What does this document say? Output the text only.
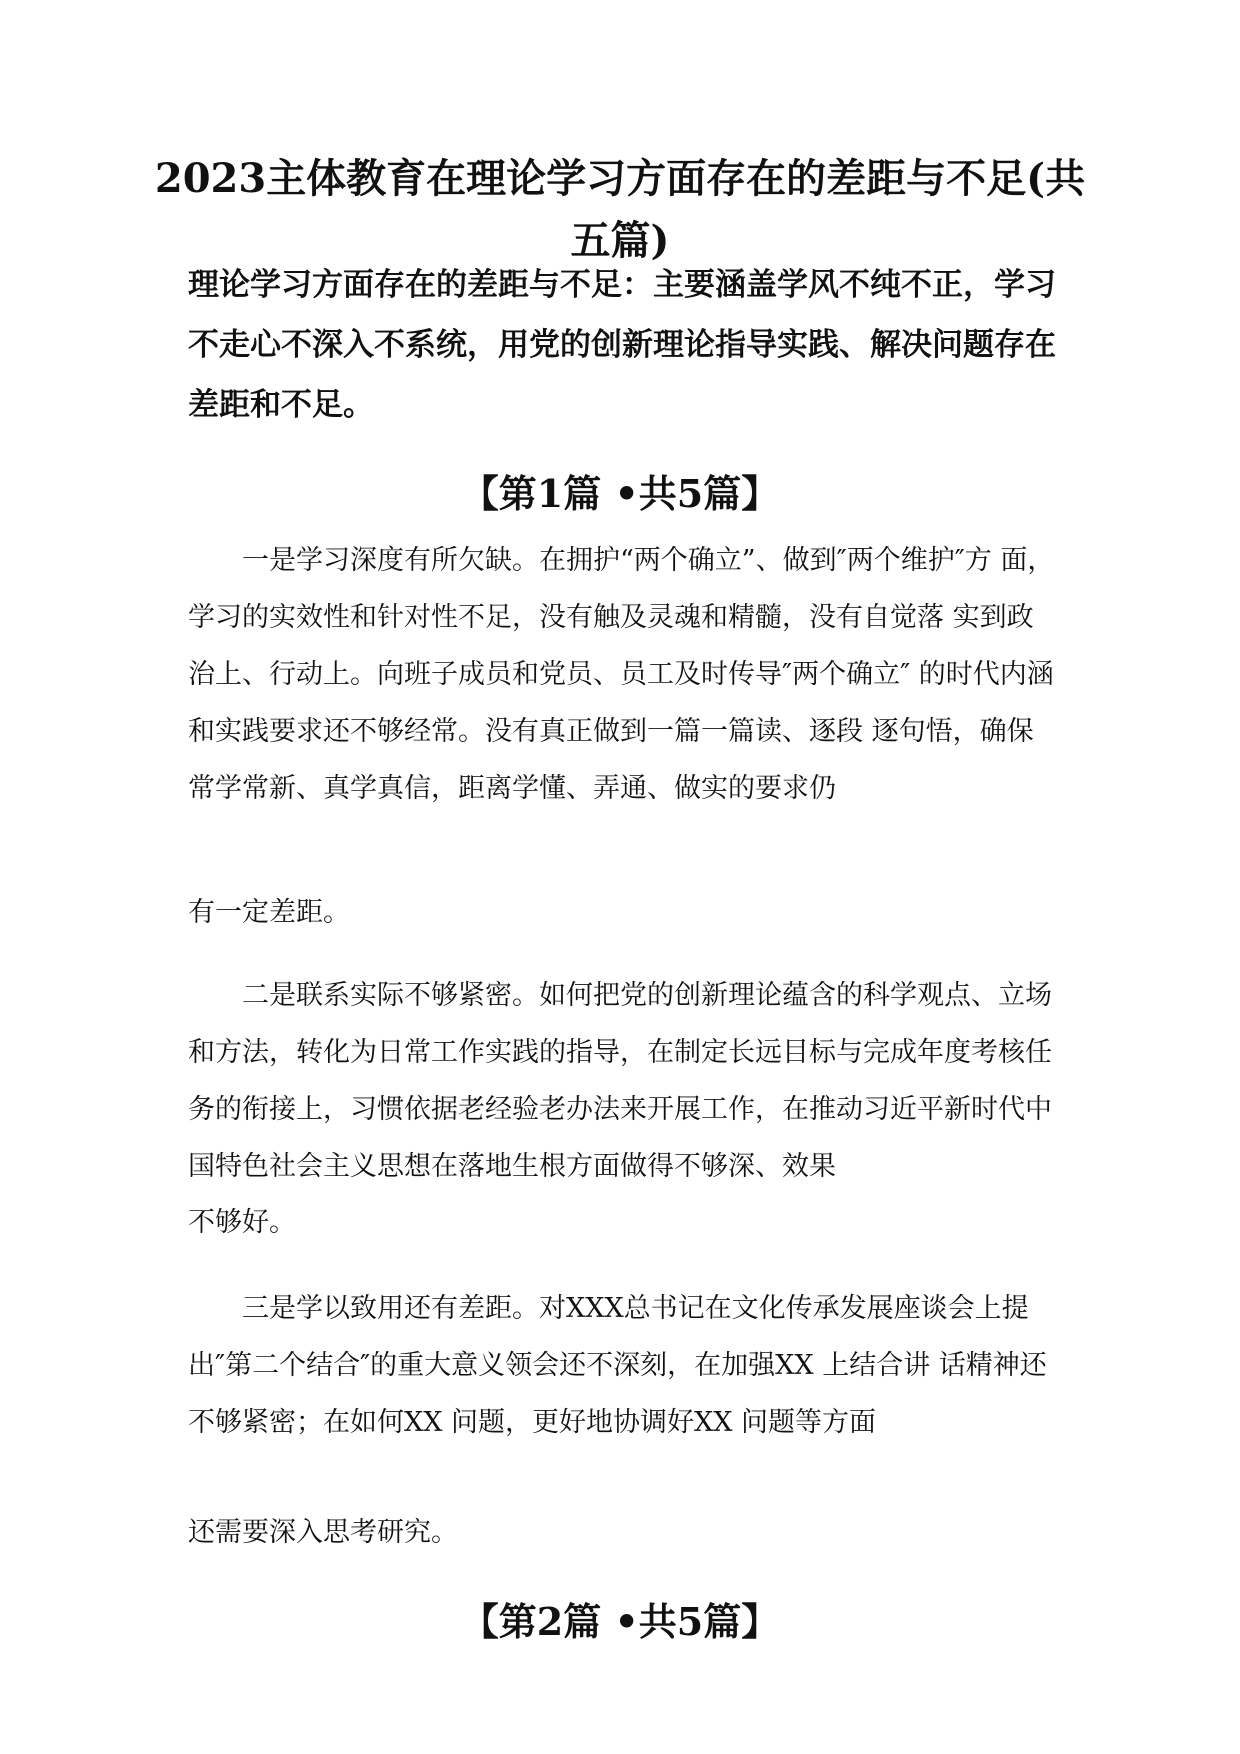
2023主体教育在理论学习方面存在的差距与不足(共五篇)

理论学习方面存在的差距与不足：主要涵盖学风不纯不正，学习不走心不深入不系统，用党的创新理论指导实践、解决问题存在差距和不足。

【第1篇 •共5篇】

一是学习深度有所欠缺。在拥护“两个确立”、做到″两个维护″方 面，学习的实效性和针对性不足，没有触及灵魂和精髓，没有自觉落 实到政治上、行动上。向班子成员和党员、员工及时传导″两个确立″ 的时代内涵和实践要求还不够经常。没有真正做到一篇一篇读、逐段 逐句悟，确保常学常新、真学真信，距离学懂、弄通、做实的要求仍

有一定差距。

二是联系实际不够紧密。如何把党的创新理论蕴含的科学观点、立场和方法，转化为日常工作实践的指导，在制定长远目标与完成年度考核任务的衔接上，习惯依据老经验老办法来开展工作，在推动习近平新时代中国特色社会主义思想在落地生根方面做得不够深、效果

不够好。

三是学以致用还有差距。对XXX总书记在文化传承发展座谈会上提出″第二个结合″的重大意义领会还不深刻，在加强XX 上结合讲 话精神还不够紧密；在如何XX 问题，更好地协调好XX 问题等方面

还需要深入思考研究。

【第2篇 •共5篇】
